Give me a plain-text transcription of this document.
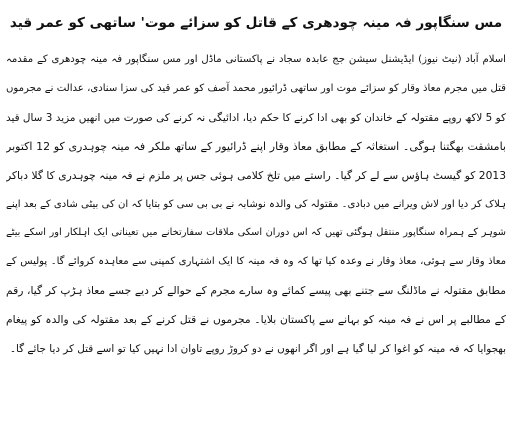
مس سنگاپور فہ مینہ چودھری کے قاتل کو سزائے موت' ساتھی کو عمر قید
اسلام آباد (نیٹ نیوز) ایڈیشنل سیشن جج عابدہ سجاد نے پاکستانی ماڈل اور مس سنگاپور فہ مینہ چودھری کے مقدمہ
قتل میں مجرم معاذ وقار کو سزائے موت اور ساتھی ڈرائیور محمد آصف کو عمر قید کی سزا سنادی، عدالت نے مجرموں
کو 5 لاکھ روپے مقتولہ کے خاندان کو بھی ادا کرنے کا حکم دیا، ادائیگی نہ کرنے کی صورت میں انھیں مزید 3 سال قید
بامشقت بھگتنا ہوگی۔ استغاثہ کے مطابق معاذ وقار اپنے ڈرائیور کے ساتھ ملکر فہ مینہ چوہدری کو 12 اکتوبر
2013 کو گیسٹ ہاؤس سے لے کر گیا۔ راستے میں تلخ کلامی ہوئی جس پر ملزم نے فہ مینہ چوہدری کا گلا دباکر
ہلاک کر دیا اور لاش ویرانے میں دبادی۔ مقتولہ کی والدہ نوشابہ نے بی بی سی کو بتایا کہ ان کی بیٹی شادی کے بعد اپنے
شوہر کے ہمراہ سنگاپور منتقل ہوگئی تھیں کہ اس دوران اسکی ملاقات سفارتخانے میں تعیناتی ایک اہلکار اور اسکے بیٹے
معاذ وقار سے ہوئی، معاذ وقار نے وعدہ کیا تھا کہ وہ فہ مینہ کا ایک اشتہاری کمپنی سے معاہدہ کروائے گا۔ پولیس کے
مطابق مقتولہ نے ماڈلنگ سے جتنے بھی پیسے کمائے وہ سارے مجرم کے حوالے کر دیے جسے معاذ ہڑپ کر گیا، رقم
کے مطالبے پر اس نے فہ مینہ کو بہانے سے پاکستان بلایا۔ مجرموں نے قتل کرنے کے بعد مقتولہ کی والدہ کو پیغام
بھجوایا کہ فہ مینہ کو اغوا کر لیا گیا ہے اور اگر انھوں نے دو کروڑ روپے تاوان ادا نہیں کیا تو اسے قتل کر دیا جائے گا۔
